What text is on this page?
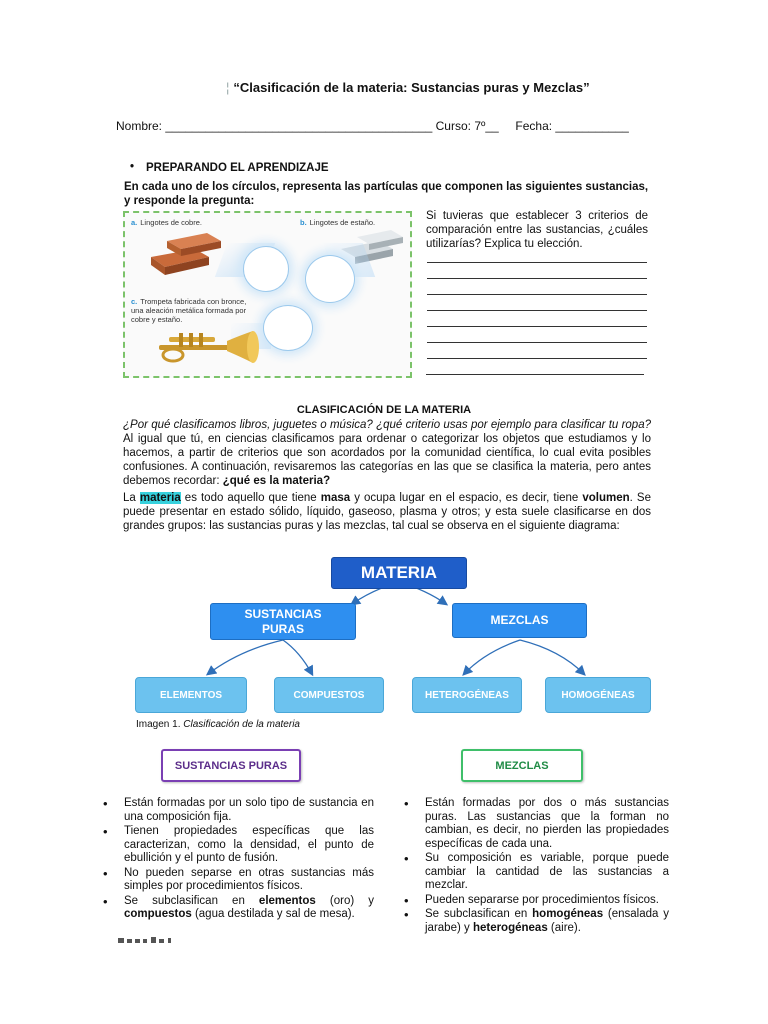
¦ “Clasificación de la materia: Sustancias puras y Mezclas”
Nombre: ________________________________________ Curso: 7º__     Fecha: ___________
• PREPARANDO EL APRENDIZAJE
En cada uno de los círculos, representa las partículas que componen las siguientes sustancias, y responde la pregunta:
a. Lingotes de cobre.	b. Lingotes de estaño.
c. Trompeta fabricada con bronce, una aleación metálica formada por cobre y estaño.
Si tuvieras que establecer 3 criterios de comparación entre las sustancias, ¿cuáles utilizarías? Explica tu elección.
CLASIFICACIÓN DE LA MATERIA
¿Por qué clasificamos libros, juguetes o música? ¿qué criterio usas por ejemplo para clasificar tu ropa? Al igual que tú, en ciencias clasificamos para ordenar o categorizar los objetos que estudiamos y lo hacemos, a partir de criterios que son acordados por la comunidad científica, lo cual evita posibles confusiones. A continuación, revisaremos las categorías en las que se clasifica la materia, pero antes debemos recordar: ¿qué es la materia?
La materia es todo aquello que tiene masa y ocupa lugar en el espacio, es decir, tiene volumen. Se puede presentar en estado sólido, líquido, gaseoso, plasma y otros; y esta suele clasificarse en dos grandes grupos: las sustancias puras y las mezclas, tal cual se observa en el siguiente diagrama:
MATERIA
SUSTANCIAS PURAS
MEZCLAS
ELEMENTOS	COMPUESTOS	HETEROGÉNEAS	HOMOGÉNEAS
Imagen 1. Clasificación de la materia
SUSTANCIAS PURAS	MEZCLAS
• Están formadas por un solo tipo de sustancia en una composición fija.
• Tienen propiedades específicas que las caracterizan, como la densidad, el punto de ebullición y el punto de fusión.
• No pueden separse en otras sustancias más simples por procedimientos físicos.
• Se subclasifican en elementos (oro) y compuestos (agua destilada y sal de mesa).
• Están formadas por dos o más sustancias puras. Las sustancias que la forman no cambian, es decir, no pierden las propiedades específicas de cada una.
• Su composición es variable, porque puede cambiar la cantidad de las sustancias a mezclar.
• Pueden separarse por procedimientos físicos.
• Se subclasifican en homogéneas (ensalada y jarabe) y heterogéneas (aire).
